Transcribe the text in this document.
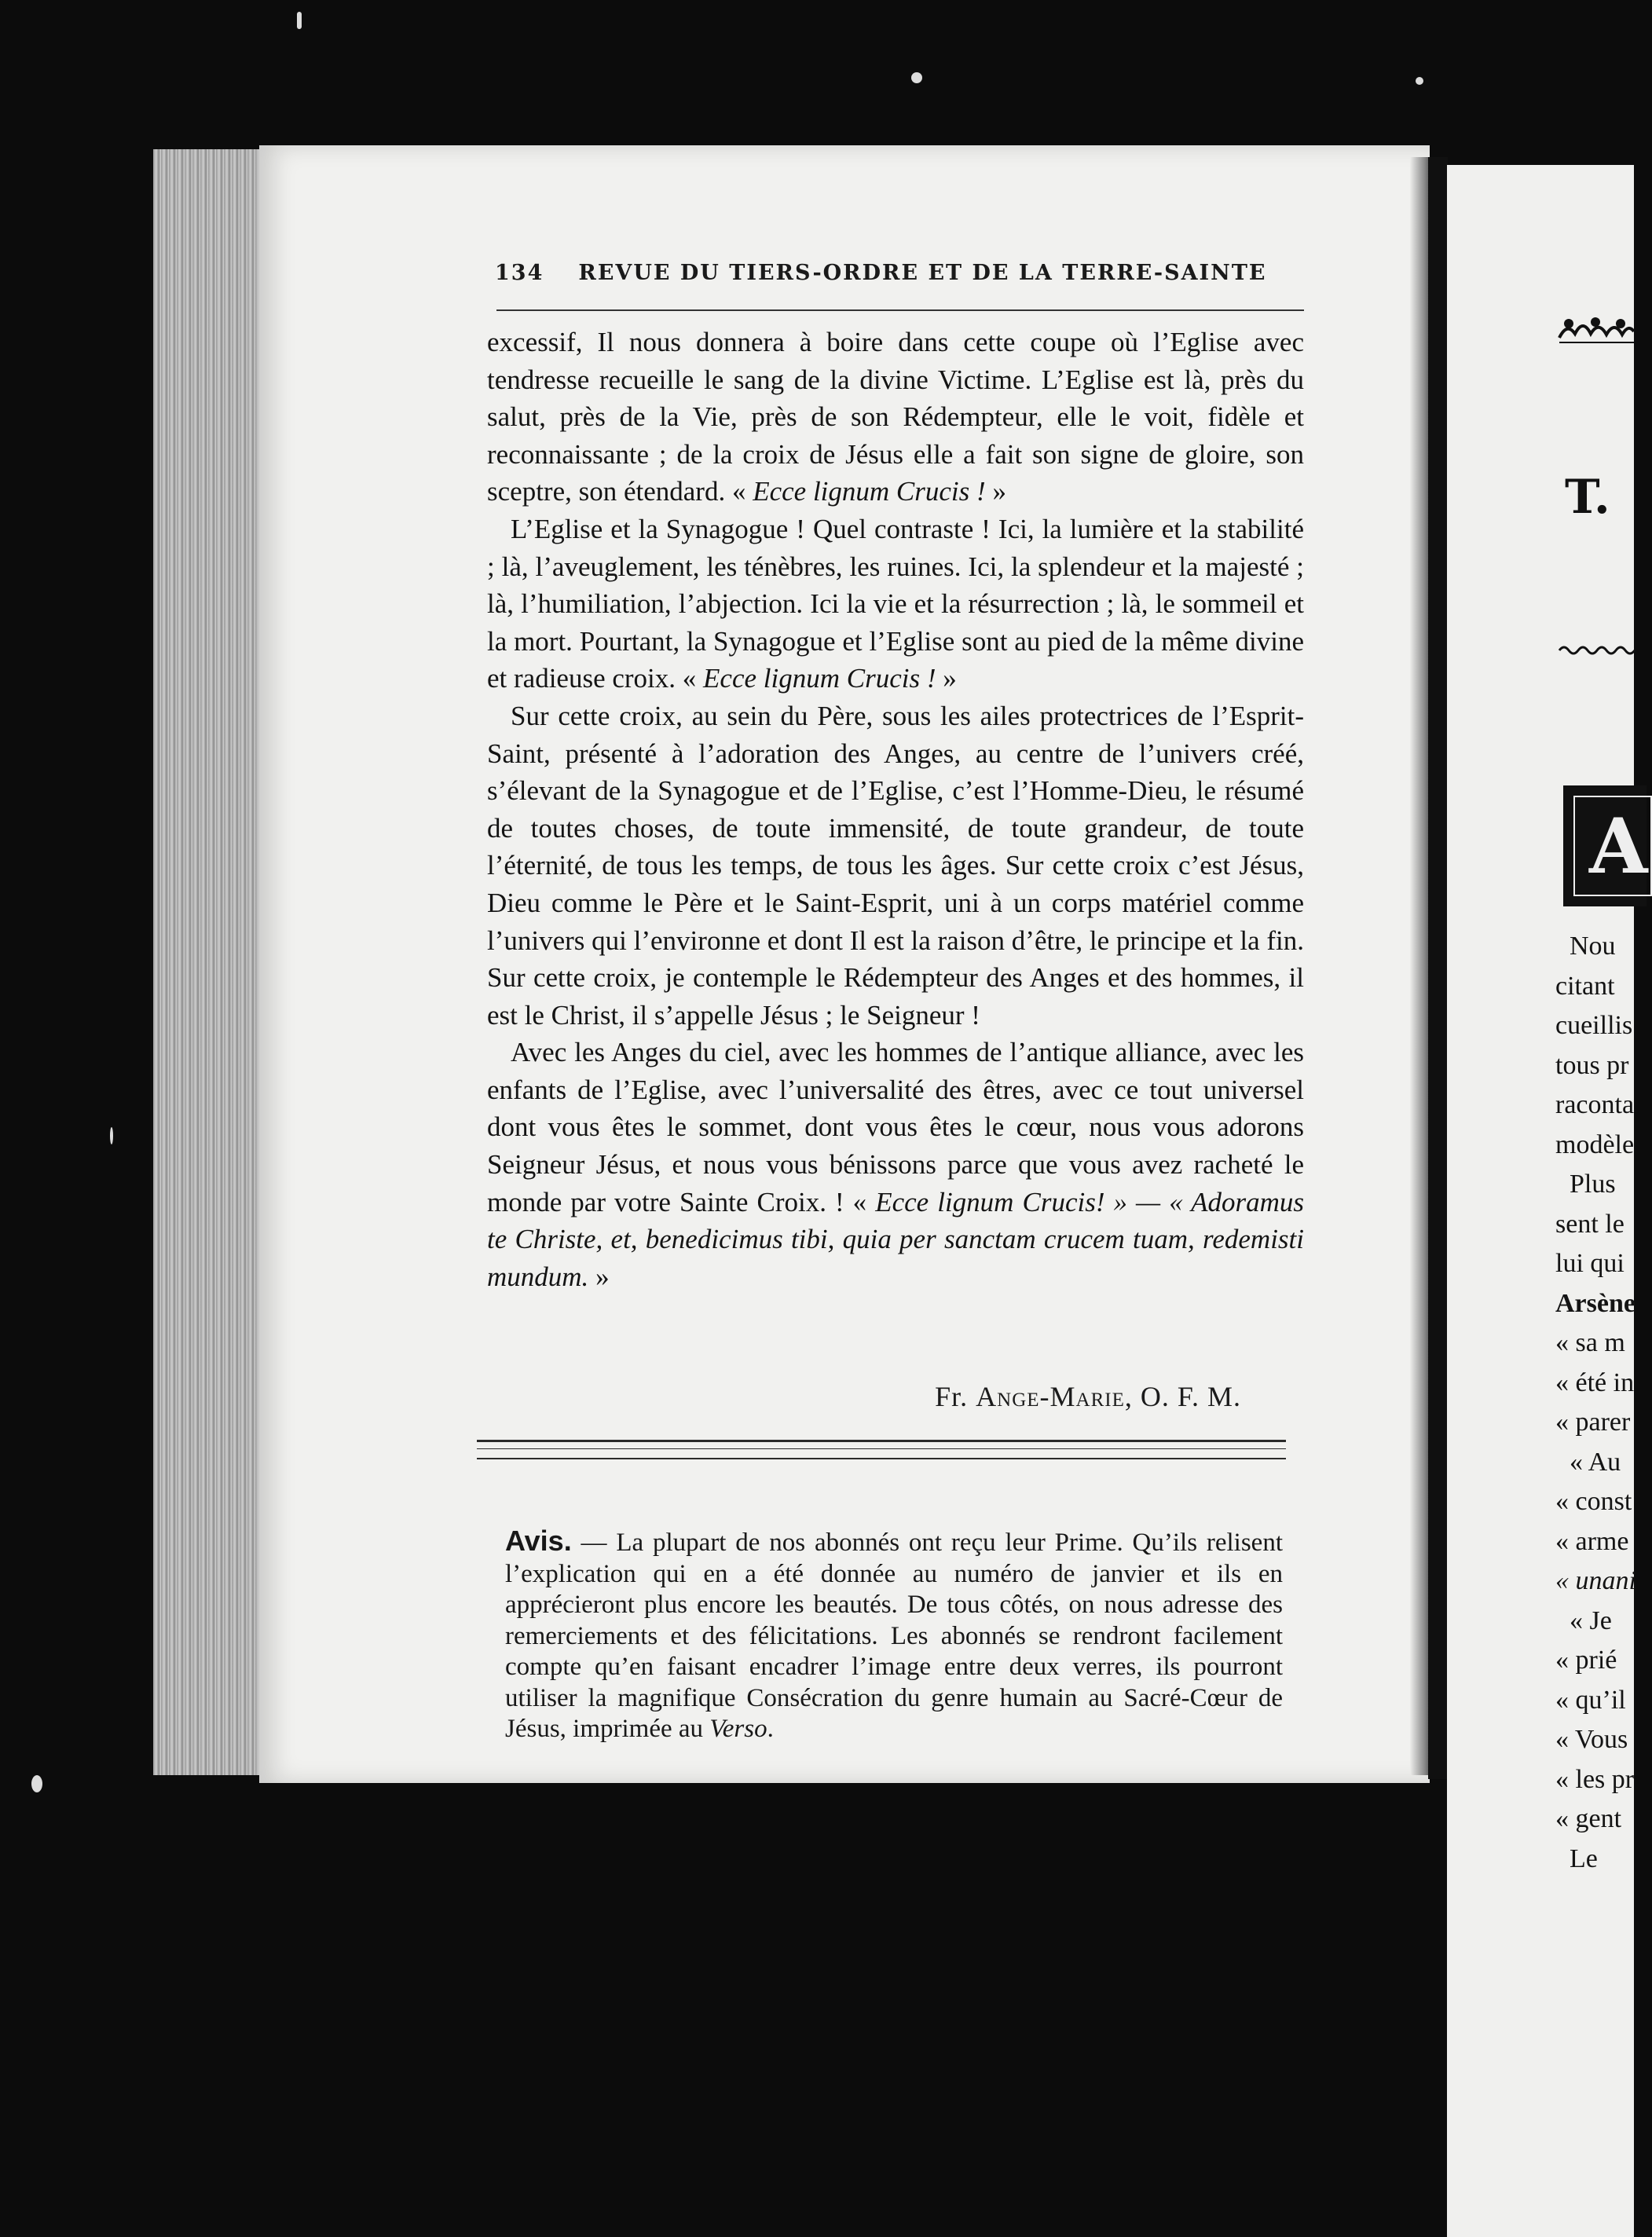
134 REVUE DU TIERS-ORDRE ET DE LA TERRE-SAINTE

excessif, Il nous donnera à boire dans cette coupe où l’Eglise avec tendresse recueille le sang de la divine Victime. L’Eglise est là, près du salut, près de la Vie, près de son Rédempteur, elle le voit, fidèle et reconnaissante ; de la croix de Jésus elle a fait son signe de gloire, son sceptre, son étendard. « Ecce lignum Crucis ! »

L’Eglise et la Synagogue ! Quel contraste ! Ici, la lumière et la stabilité ; là, l’aveuglement, les ténèbres, les ruines. Ici, la splendeur et la majesté ; là, l’humiliation, l’abjection. Ici la vie et la résurrection ; là, le sommeil et la mort. Pourtant, la Synagogue et l’Eglise sont au pied de la même divine et radieuse croix. « Ecce lignum Crucis ! »

Sur cette croix, au sein du Père, sous les ailes protectrices de l’Esprit-Saint, présenté à l’adoration des Anges, au centre de l’univers créé, s’élevant de la Synagogue et de l’Eglise, c’est l’Homme-Dieu, le résumé de toutes choses, de toute immensité, de toute grandeur, de toute l’éternité, de tous les temps, de tous les âges. Sur cette croix c’est Jésus, Dieu comme le Père et le Saint-Esprit, uni à un corps matériel comme l’univers qui l’environne et dont Il est la raison d’être, le principe et la fin. Sur cette croix, je contemple le Rédempteur des Anges et des hommes, il est le Christ, il s’appelle Jésus ; le Seigneur !

Avec les Anges du ciel, avec les hommes de l’antique alliance, avec les enfants de l’Eglise, avec l’universalité des êtres, avec ce tout universel dont vous êtes le sommet, dont vous êtes le cœur, nous vous adorons Seigneur Jésus, et nous vous bénissons parce que vous avez racheté le monde par votre Sainte Croix. ! « Ecce lignum Crucis! » — « Adoramus te Christe, et, benedicimus tibi, quia per sanctam crucem tuam, redemisti mundum. »

Fr. Ange-Marie, O. F. M.

Avis. — La plupart de nos abonnés ont reçu leur Prime. Qu’ils relisent l’explication qui en a été donnée au numéro de janvier et ils en apprécieront plus encore les beautés. De tous côtés, on nous adresse des remerciements et des félicitations. Les abonnés se rendront facilement compte qu’en faisant encadrer l’image entre deux verres, ils pourront utiliser la magnifique Consécration du genre humain au Sacré-Cœur de Jésus, imprimée au Verso.

T.
A
Nou
citant
cueillis
tous pr
raconta
modèle
Plus
sent le
lui qui
Arsène
« sa m
« été in
« parer
« Au
« const
« arme
« unani
« Je
« prié
« qu’il
« Vous
« les pr
« gent
Le
